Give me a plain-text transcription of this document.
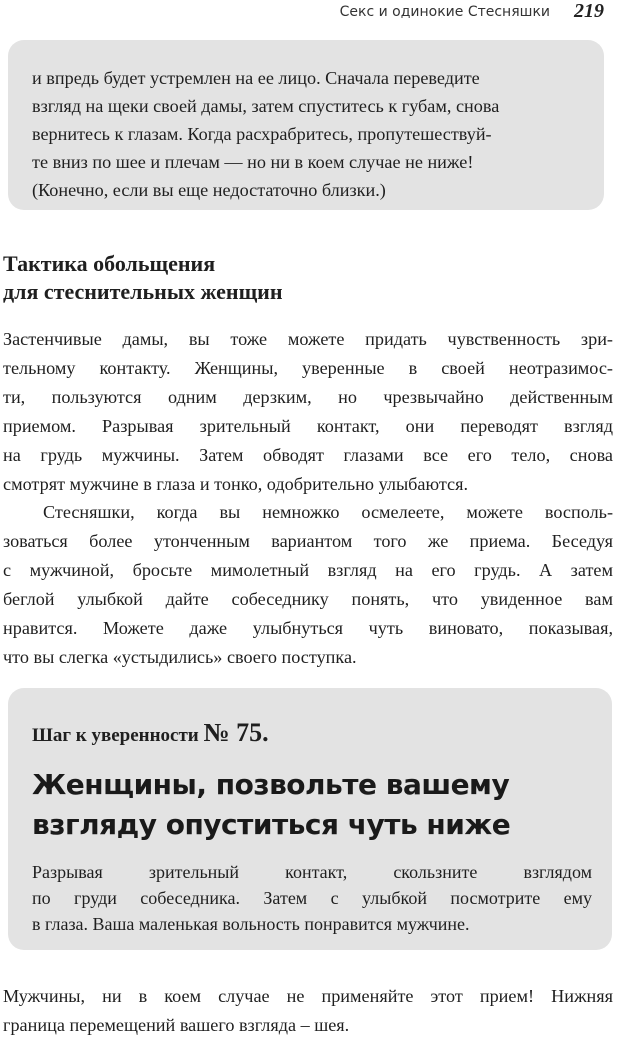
Секс и одинокие Стесняшки 219

и впредь будет устремлен на ее лицо. Сначала переведите
взгляд на щеки своей дамы, затем спуститесь к губам, снова
вернитесь к глазам. Когда расхрабритесь, пропутешествуй-
те вниз по шее и плечам — но ни в коем случае не ниже!
(Конечно, если вы еще недостаточно близки.)

Тактика обольщения
для стеснительных женщин
Застенчивые дамы, вы тоже можете придать чувственность зри-
тельному контакту. Женщины, уверенные в своей неотразимос-
ти, пользуются одним дерзким, но чрезвычайно действенным
приемом. Разрывая зрительный контакт, они переводят взгляд
на грудь мужчины. Затем обводят глазами все его тело, снова
смотрят мужчине в глаза и тонко, одобрительно улыбаются.
Стесняшки, когда вы немножко осмелеете, можете восполь-
зоваться более утонченным вариантом того же приема. Беседуя
с мужчиной, бросьте мимолетный взгляд на его грудь. А затем
беглой улыбкой дайте собеседнику понять, что увиденное вам
нравится. Можете даже улыбнуться чуть виновато, показывая,
что вы слегка «устыдились» своего поступка.

Шаг к уверенности № 75.

Женщины, позвольте вашему
взгляду опуститься чуть ниже
Разрывая зрительный контакт, скользните взглядом
по груди собеседника. Затем с улыбкой посмотрите ему
в глаза. Ваша маленькая вольность понравится мужчине.
Мужчины, ни в коем случае не применяйте этот прием! Нижняя
граница перемещений вашего взгляда – шея.
